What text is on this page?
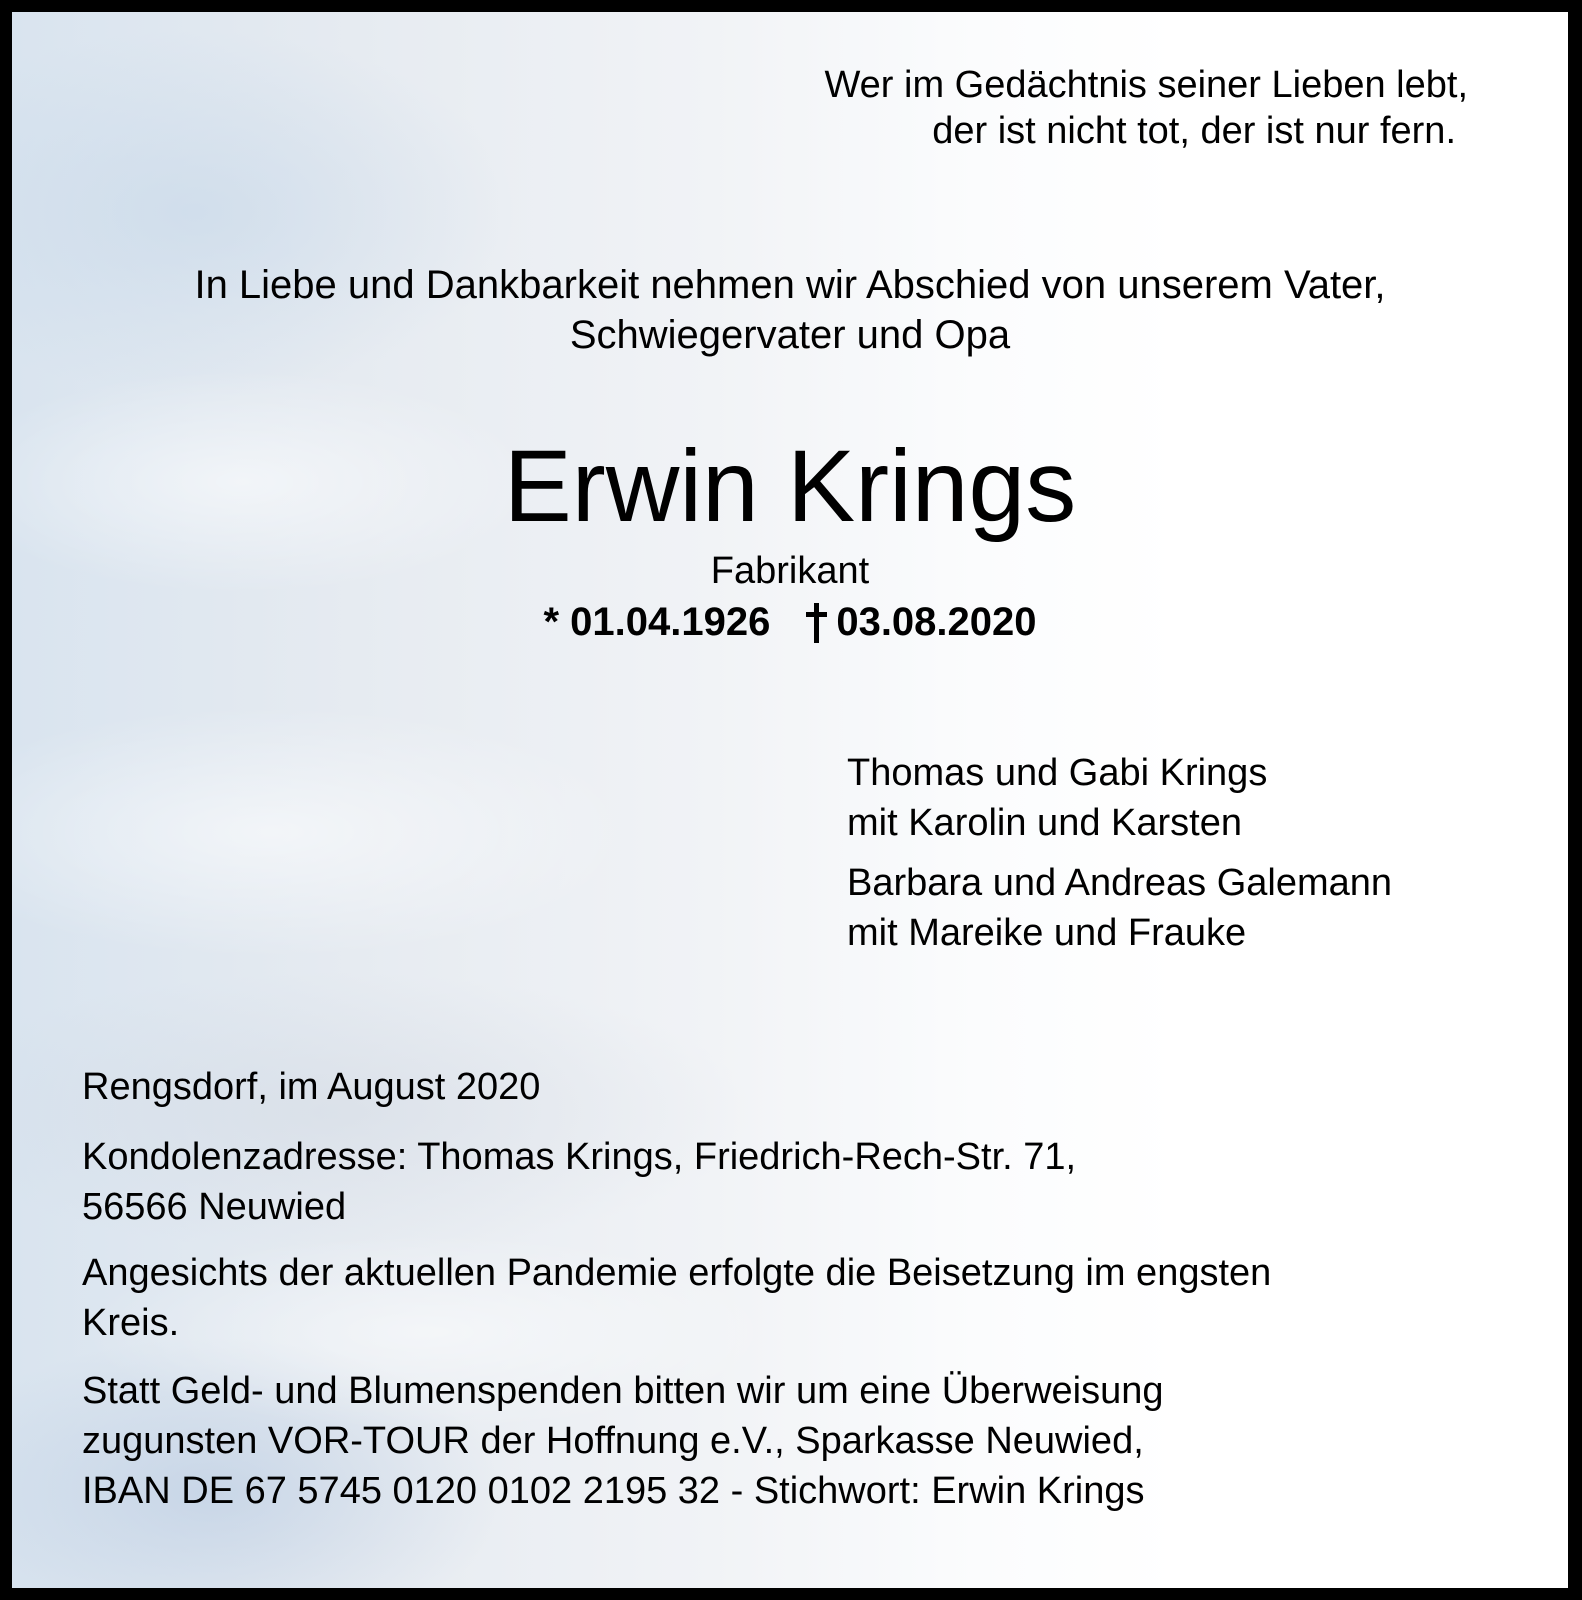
Wer im Gedächtnis seiner Lieben lebt,
der ist nicht tot, der ist nur fern.
In Liebe und Dankbarkeit nehmen wir Abschied von unserem Vater,
Schwiegervater und Opa
Erwin Krings
Fabrikant
* 01.04.1926 03.08.2020
Thomas und Gabi Krings
mit Karolin und Karsten
Barbara und Andreas Galemann
mit Mareike und Frauke
Rengsdorf, im August 2020
Kondolenzadresse: Thomas Krings, Friedrich-Rech-Str. 71,
56566 Neuwied
Angesichts der aktuellen Pandemie erfolgte die Beisetzung im engsten
Kreis.
Statt Geld- und Blumenspenden bitten wir um eine Überweisung
zugunsten VOR-TOUR der Hoffnung e.V., Sparkasse Neuwied,
IBAN DE 67 5745 0120 0102 2195 32 - Stichwort: Erwin Krings
